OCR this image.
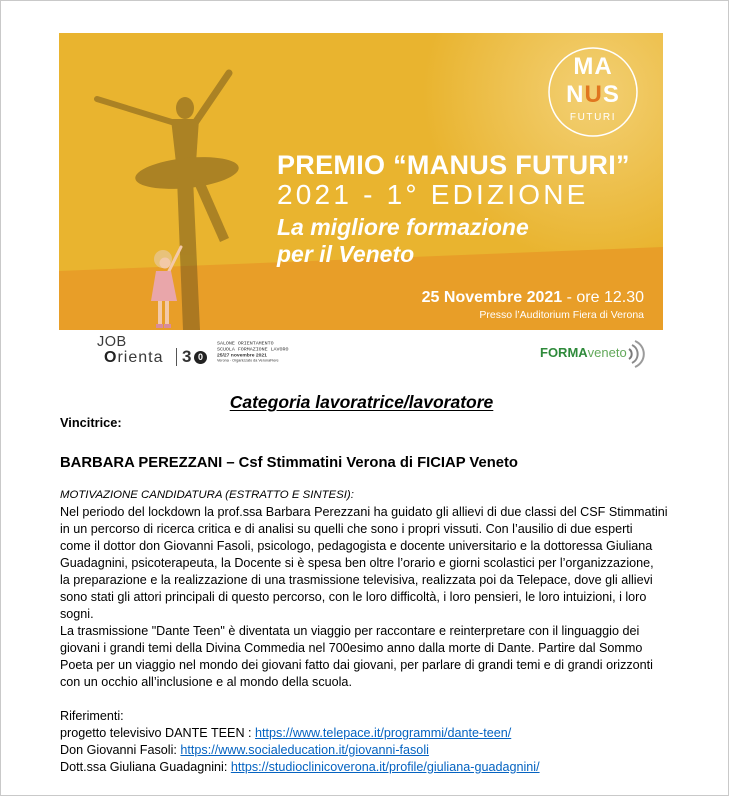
MA
NUS
FUTURI
PREMIO “MANUS FUTURI”
2021 - 1° EDIZIONE
La migliore formazione
per il Veneto
25 Novembre 2021 - ore 12.30
Presso l’Auditorium Fiera di Verona
JOB
Orienta 3 0
SALONE ORIENTAMENTO
SCUOLA FORMAZIONE LAVORO
25/27 novembre 2021
Verona · Organizzato da VeronaFiere
FORMAveneto
Categoria lavoratrice/lavoratore
Vincitrice:
BARBARA PEREZZANI – Csf Stimmatini Verona di FICIAP Veneto
MOTIVAZIONE CANDIDATURA (ESTRATTO E SINTESI):
Nel periodo del lockdown la prof.ssa Barbara Perezzani ha guidato gli allievi di due classi del CSF Stimmatini
in un percorso di ricerca critica e di analisi su quelli che sono i propri vissuti. Con l’ausilio di due esperti
come il dottor don Giovanni Fasoli, psicologo, pedagogista e docente universitario e la dottoressa Giuliana
Guadagnini, psicoterapeuta, la Docente si è spesa ben oltre l’orario e giorni scolastici per l’organizzazione,
la preparazione e la realizzazione di una trasmissione televisiva, realizzata poi da Telepace, dove gli allievi
sono stati gli attori principali di questo percorso, con le loro difficoltà, i loro pensieri, le loro intuizioni, i loro
sogni.
La trasmissione "Dante Teen" è diventata un viaggio per raccontare e reinterpretare con il linguaggio dei
giovani i grandi temi della Divina Commedia nel 700esimo anno dalla morte di Dante. Partire dal Sommo
Poeta per un viaggio nel mondo dei giovani fatto dai giovani, per parlare di grandi temi e di grandi orizzonti
con un occhio all’inclusione e al mondo della scuola.
Riferimenti:
progetto televisivo DANTE TEEN : https://www.telepace.it/programmi/dante-teen/
Don Giovanni Fasoli: https://www.socialeducation.it/giovanni-fasoli
Dott.ssa Giuliana Guadagnini: https://studioclinicoverona.it/profile/giuliana-guadagnini/
